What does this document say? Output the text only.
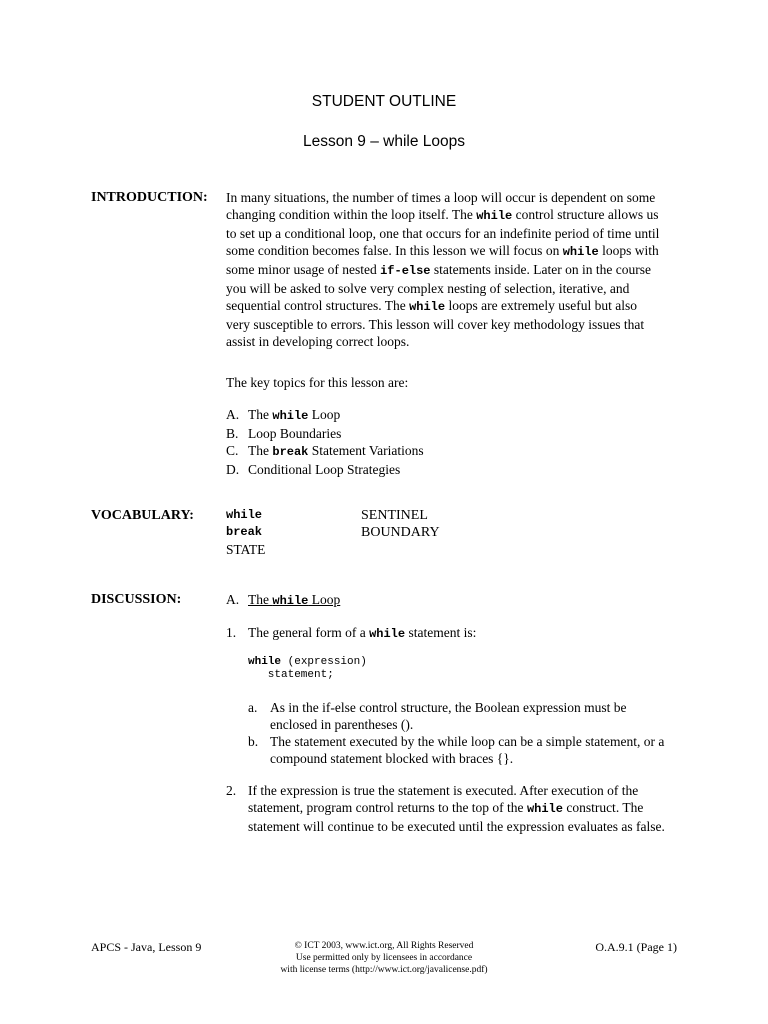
STUDENT OUTLINE
Lesson 9 – while Loops
INTRODUCTION: In many situations, the number of times a loop will occur is dependent on some
changing condition within the loop itself. The while control structure allows us
to set up a conditional loop, one that occurs for an indefinite period of time until
some condition becomes false. In this lesson we will focus on while loops with
some minor usage of nested if-else statements inside. Later on in the course
you will be asked to solve very complex nesting of selection, iterative, and
sequential control structures. The while loops are extremely useful but also
very susceptible to errors. This lesson will cover key methodology issues that
assist in developing correct loops.
The key topics for this lesson are:
A. The while Loop
B. Loop Boundaries
C. The break Statement Variations
D. Conditional Loop Strategies
VOCABULARY:	while	SENTINEL
break	BOUNDARY
STATE
DISCUSSION:	A. The while Loop
1. The general form of a while statement is:
while (expression)
statement;
a. As in the if-else control structure, the Boolean expression must be
enclosed in parentheses ().
b. The statement executed by the while loop can be a simple statement, or a
compound statement blocked with braces {}.
2. If the expression is true the statement is executed. After execution of the
statement, program control returns to the top of the while construct. The
statement will continue to be executed until the expression evaluates as false.
APCS - Java, Lesson 9	© ICT 2003, www.ict.org, All Rights Reserved
Use permitted only by licensees in accordance
with license terms (http://www.ict.org/javalicense.pdf)
O.A.9.1 (Page 1)
